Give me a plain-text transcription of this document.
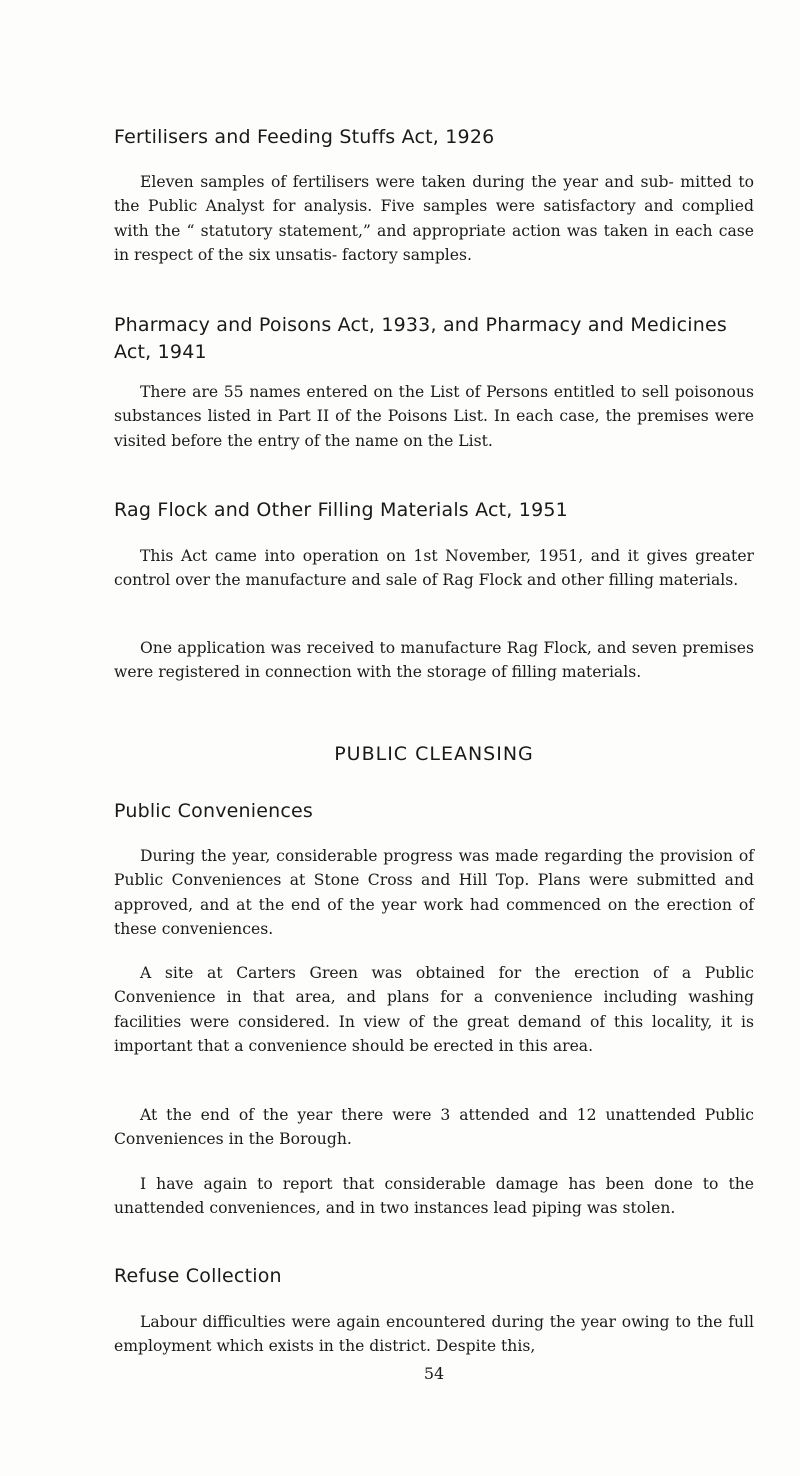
Fertilisers and Feeding Stuffs Act, 1926

Eleven samples of fertilisers were taken during the year and sub- mitted to the Public Analyst for analysis. Five samples were satisfactory and complied with the “ statutory statement,” and appropriate action was taken in each case in respect of the six unsatis- factory samples.

Pharmacy and Poisons Act, 1933, and Pharmacy and Medicines Act, 1941

There are 55 names entered on the List of Persons entitled to sell poisonous substances listed in Part II of the Poisons List. In each case, the premises were visited before the entry of the name on the List.

Rag Flock and Other Filling Materials Act, 1951

This Act came into operation on 1st November, 1951, and it gives greater control over the manufacture and sale of Rag Flock and other filling materials.

One application was received to manufacture Rag Flock, and seven premises were registered in connection with the storage of filling materials.

PUBLIC CLEANSING
Public Conveniences

During the year, considerable progress was made regarding the provision of Public Conveniences at Stone Cross and Hill Top. Plans were submitted and approved, and at the end of the year work had commenced on the erection of these conveniences.

A site at Carters Green was obtained for the erection of a Public Convenience in that area, and plans for a convenience including washing facilities were considered. In view of the great demand of this locality, it is important that a convenience should be erected in this area.

At the end of the year there were 3 attended and 12 unattended Public Conveniences in the Borough.

I have again to report that considerable damage has been done to the unattended conveniences, and in two instances lead piping was stolen.

Refuse Collection

Labour difficulties were again encountered during the year owing to the full employment which exists in the district. Despite this,

54
